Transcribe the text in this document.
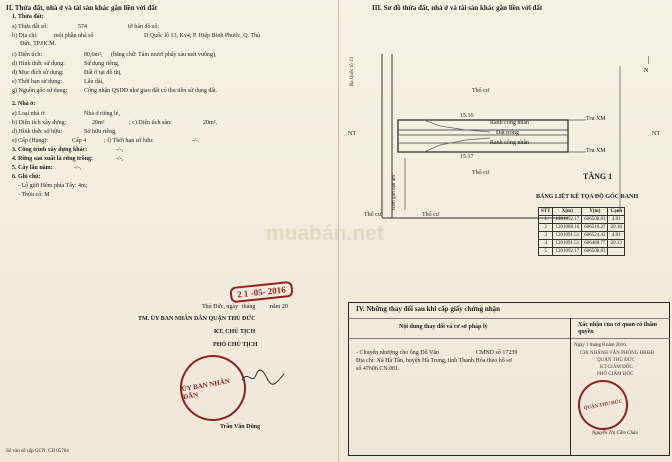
II. Thửa đất, nhà ở và tài sản khác gắn liền với đất
1. Thửa đất:
a) Thửa đất số:	574	tờ bản đồ số:
b) Địa chỉ:	một phần nhà số	D Quốc lộ 13, Kv4, P. Hiệp Bình Phước, Q. Thủ
Đức, TP.HCM.
c) Diện tích:	80,6m², (bằng chữ: Tám mươi phẩy sáu mét vuông),
d) Hình thức sử dụng:	Sử dụng riêng,
đ) Mục đích sử dụng:	Đất ở tại đô thị,
e) Thời hạn sử dụng:	Lâu dài,
g) Nguồn gốc sử dụng:	Công nhận QSDĐ như giao đất có thu tiền sử dụng đất.
2. Nhà ở:
a) Loại nhà ở:	Nhà ở riêng lẻ,
b) Diện tích xây dựng:	20m²	; c) Diện tích sàn:	20m²,
d) Hình thức sở hữu:	Sở hữu riêng,
e) Cấp (Hạng):	Cấp 4	; f) Thời hạn sở hữu:	-/-.
3. Công trình xây dựng khác:	-/-,
4. Rừng sản xuất là rừng trồng:	-/-,
5. Cây lâu năm:	-/-,
6. Ghi chú:
- Lộ giới Hẻm phía Tây: 4m;
- Thửa có: M
Thủ Đức, ngày tháng năm 20
2 1 -05- 2016
TM. ỦY BAN NHÂN DÂN QUẬN THỦ ĐỨC
KT. CHỦ TỊCH
PHÓ CHỦ TỊCH
ỦY BAN NHÂN DÂN
Trần Văn Dũng
Số vào sổ cấp GCN: CH 05764
III. Sơ đồ thửa đất, nhà ở và tài sản khác gắn liền với đất
|
N
Ra Quốc lộ 13
Hẻm giới hạn 4m
15.16
15.17
Thổ cư
Thổ cư
Thổ cư	Thổ cư
Tru XM
Tru XM
Ranh công nhân
Đất trống
Ranh công nhân
NT	NT
TẦNG 1
BẢNG LIỆT KÊ TỌA ĐỘ GÓC RANH
STT	X(m)	Y(m)	Cạnh
1	1201092.17	606508.83	4.01
2	1201088.16	606510.27	20.16
3	1201091.51	606524.43	4.01
4	1201091.51	606488.77	20.13
5	1201092.17	606508.83	
IV. Những thay đổi sau khi cấp giấy chứng nhận
Nội dung thay đổi và cơ sở pháp lý	Xác nhận của cơ quan có thẩm quyền
- Chuyển nhượng cho ông Đỗ Văn	CMND số 17239
Địa chỉ: Xã Hà Tân, huyện Hà Trung, tỉnh Thanh Hóa theo hồ sơ
số 47606.CN.001.
Ngày 1 tháng 8 năm 2016.
CHI NHÁNH VĂN PHÒNG ĐKĐĐ
QUẬN THỦ ĐỨC
KT.GIÁM ĐỐC
PHÓ GIÁM ĐỐC
QUẬN THỦ ĐỨC
Nguyễn Thị Cẩm Châu
muabán.net
